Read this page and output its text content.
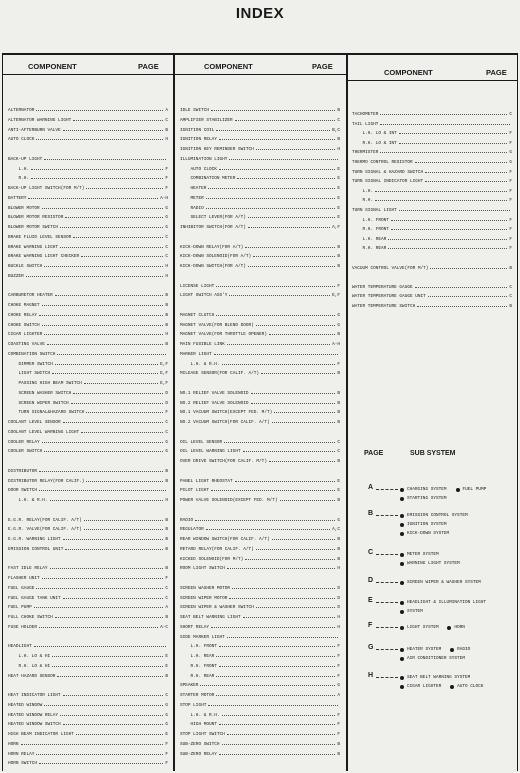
INDEX
COMPONENT	PAGE	COMPONENT	PAGE
COMPONENT	PAGE
ALTERNATOR	A
ALTERNATOR WARNING LIGHT	C
ANTI-AFTERBURN VALVE	B
AUTO CLOCK	H
BACK-UP LIGHT
L.H.	F
R.H.	F
BACK-UP LIGHT SWITCH(FOR M/T)	F
BATTERY	A-H
BLOWER MOTOR	G
BLOWER MOTOR RESISTOR	G
BLOWER MOTOR SWITCH	G
BRAKE FLUID LEVEL SENSOR	C
BRAKE WARNING LIGHT	C
BRAKE WARNING LIGHT CHECKER	C
BUCKLE SWITCH	H
BUZZER	H
CARBURETOR HEATER	B
CHOKE MAGNET	B
CHOKE RELAY	B
CHOKE SWITCH	B
CIGAR LIGHTER	H
COASTING VALVE	B
COMBINATION SWITCH
DIMMER SWITCH	E,F
LIGHT SWITCH	E,F
PASSING HIGH BEAM SWITCH	E,F
SCREEN WASHER SWITCH	D
SCREEN WIPER SWITCH	D
TURN SIGNAL&HAZARD SWITCH	F
COOLANT LEVEL SENSOR	C
COOLANT LEVEL WARNING LIGHT	C
COOLER RELAY	G
COOLER SWITCH	G
DISTRIBUTOR	B
DISTRIBUTOR RELAY(FOR CALIF.)	B
DOOR SWITCH
L.H. & R.H.	H
E.G.R. RELAY(FOR CALIF. A/T)	B
E.G.R. VALVE(FOR CALIF. A/T)	B
E.G.R. WARNING LIGHT	B
EMISSION CONTROL UNIT	B
FAST IDLE RELAY	B
FLASHER UNIT	F
FUEL GAUGE	C
FUEL GAUGE TANK UNIT	C
FUEL PUMP	A
FULL CHOKE SWITCH	B
FUSE HOLDER	A-C
HEADLIGHT
L.H. LO & HI	E
R.H. LO & HI	E
HEAT HAZARD SENSOR	B
HEAT INDICATOR LIGHT	C
HEATED WINDOW	G
HEATED WINDOW RELAY	G
HEATED WINDOW SWITCH	G
HIGH BEAM INDICATOR LIGHT	E
HORN	F
HORN RELAY	F
HORN SWITCH	F
IDLE SWITCH	B
AMPLIFIER STABILIZER	C
IGNITION COIL	B,C
IGNITION RELAY	B
IGNITION KEY REMINDER SWITCH	H
ILLUMINATION LIGHT
AUTO CLOCK	E
COMBINATION METER	E
HEATER	E
METER	E
RADIO	E
SELECT LEVER(FOR A/T)	E
INHIBITOR SWITCH(FOR A/T)	A,F
KICK-DOWN RELAY(FOR A/T)	B
KICK-DOWN SOLENOID(FOR A/T)	B
KICK-DOWN SWITCH(FOR A/T)	B
LICENSE LIGHT	F
LIGHT SWITCH ASS'Y	E,F
MAGNET CLUTCH	G
MAGNET VALVE(FOR BLEND DOOR)	G
MAGNET VALVE(FOR THROTTLE OPENER)	B
MAIN FUSIBLE LINK	A-H
MARKER LIGHT
L.H. & R.H.	F
MILEAGE SENSOR(FOR CALIF. A/T)	B
NO.1 RELIEF VALVE SOLENOID	B
NO.2 RELIEF VALVE SOLENOID	B
NO.1 VACUUM SWITCH(EXCEPT FED. M/T)	B
NO.2 VACUUM SWITCH(FOR CALIF. A/T)	B
OIL LEVEL SENSOR	C
OIL LEVEL WARNING LIGHT	C
OVER DRIVE SWITCH(FOR CALIF. M/T)	B
PANEL LIGHT RHEOSTAT	E
PILOT LIGHT	E
POWER VALVE SOLENOID(EXCEPT FED. M/T)	B
RADIO	G
REGULATOR	A,C
REAR WINDOW SWITCH(FOR CALIF. A/T)	B
RETARD RELAY(FOR CALIF. A/T)	B
KICKED SOLENOID(FOR M/T)	B
ROOM LIGHT SWITCH	H
SCREEN WASHER MOTOR	D
SCREEN WIPER MOTOR	D
SCREEN WIPER & WASHER SWITCH	D
SEAT BELT WARNING LIGHT	H
SHORT RELAY	H
SIDE MARKER LIGHT
L.H. FRONT	F
L.H. REAR	F
R.H. FRONT	F
R.H. REAR	F
SPEAKER	G
STARTER MOTOR	A
STOP LIGHT
L.H. & R.H.	F
HIGH MOUNT	F
STOP LIGHT SWITCH	F
SUB-ZERO SWITCH	B
SUB-ZERO RELAY	B
TACHOMETER	C
TAIL LIGHT
L.H. LO & INT	F
R.H. LO & INT	F
THERMISTER	G
THERMO CONTROL RESISTOR	G
TURN SIGNAL & HAZARD SWITCH	F
TURN SIGNAL INDICATOR LIGHT	F
L.H.	F
R.H.	F
TURN SIGNAL LIGHT
L.H. FRONT	F
R.H. FRONT	F
L.H. REAR	F
R.H. REAR	F
VACUUM CONTROL VALVE(FOR M/T)	B
WATER TEMPERATURE GAUGE	C
WATER TEMPERATURE GAUGE UNIT	C
WATER TEMPERATURE SWITCH	B
PAGE	SUB SYSTEM
A	CHARGING SYSTEM	FUEL PUMP
STARTING SYSTEM
B	EMISSION CONTROL SYSTEM
IGNITION SYSTEM
KICK-DOWN SYSTEM
C	METER SYSTEM
WARNING LIGHT SYSTEM
D	SCREEN WIPER & WASHER SYSTEM
E	HEADLIGHT & ILLUMINATION LIGHT
SYSTEM
F	LIGHT SYSTEM	HORN
G	HEATER SYSTEM	RADIO
AIR CONDITIONER SYSTEM
H	SEAT BELT WARNING SYSTEM
CIGAR LIGHTER	AUTO CLOCK
